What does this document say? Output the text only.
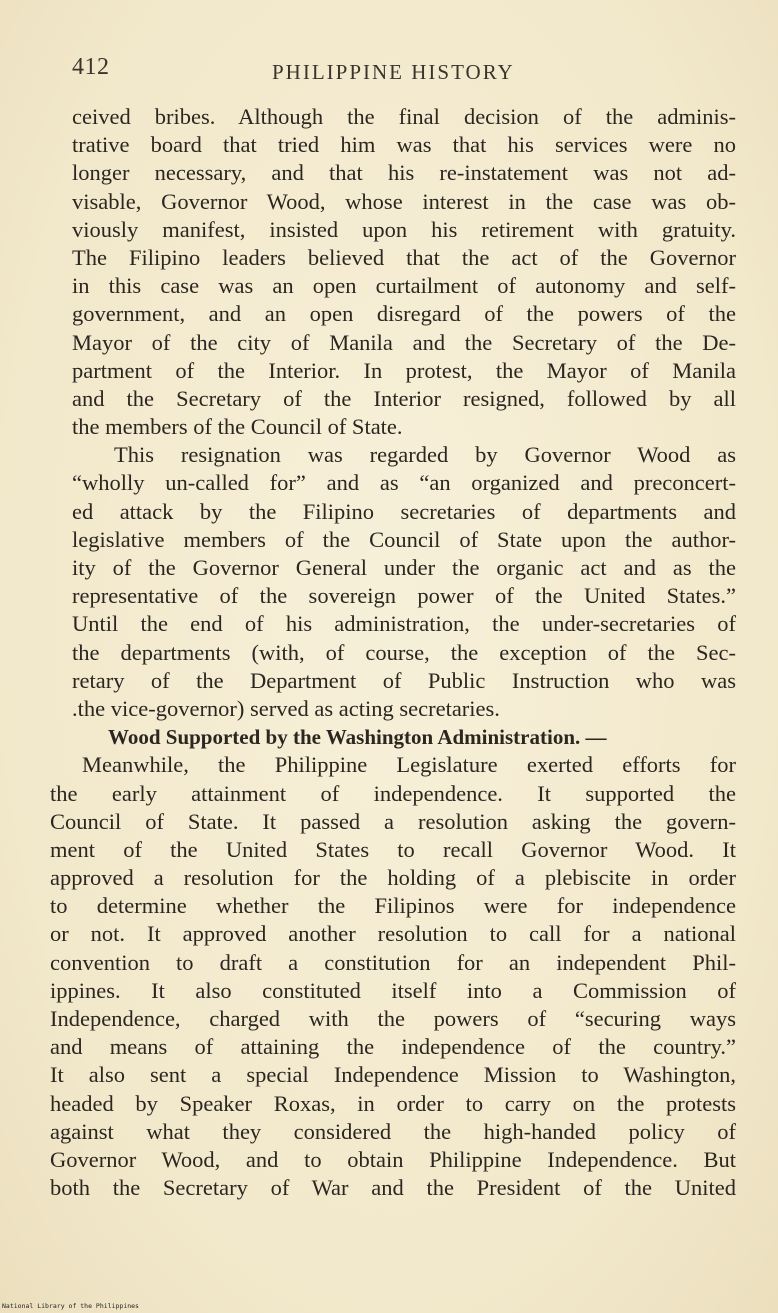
412	PHILIPPINE HISTORY
ceived bribes. Although the final decision of the adminis-
trative board that tried him was that his services were no
longer necessary, and that his re-instatement was not ad-
visable, Governor Wood, whose interest in the case was ob-
viously manifest, insisted upon his retirement with gratuity.
The Filipino leaders believed that the act of the Governor
in this case was an open curtailment of autonomy and self-
government, and an open disregard of the powers of the
Mayor of the city of Manila and the Secretary of the De-
partment of the Interior. In protest, the Mayor of Manila
and the Secretary of the Interior resigned, followed by all
the members of the Council of State.
This resignation was regarded by Governor Wood as
“wholly un-called for” and as “an organized and preconcert-
ed attack by the Filipino secretaries of departments and
legislative members of the Council of State upon the author-
ity of the Governor General under the organic act and as the
representative of the sovereign power of the United States.”
Until the end of his administration, the under-secretaries of
the departments (with, of course, the exception of the Sec-
retary of the Department of Public Instruction who was
.the vice-governor) served as acting secretaries.
Wood Supported by the Washington Administration. —
Meanwhile, the Philippine Legislature exerted efforts for
the early attainment of independence. It supported the
Council of State. It passed a resolution asking the govern-
ment of the United States to recall Governor Wood. It
approved a resolution for the holding of a plebiscite in order
to determine whether the Filipinos were for independence
or not. It approved another resolution to call for a national
convention to draft a constitution for an independent Phil-
ippines. It also constituted itself into a Commission of
Independence, charged with the powers of “securing ways
and means of attaining the independence of the country.”
It also sent a special Independence Mission to Washington,
headed by Speaker Roxas, in order to carry on the protests
against what they considered the high-handed policy of
Governor Wood, and to obtain Philippine Independence. But
both the Secretary of War and the President of the United
National Library of the Philippines
